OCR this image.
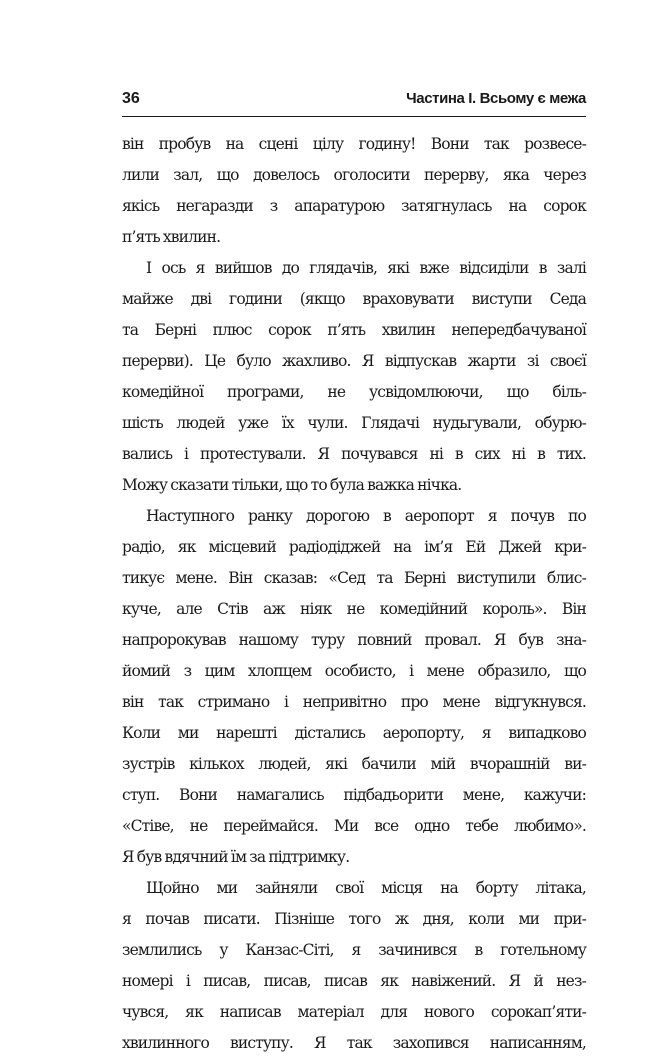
36	Частина I. Всьому є межа
він пробув на сцені цілу годину! Вони так розвесе-
лили зал, що довелось оголосити перерву, яка через
якісь негаразди з апаратурою затягнулась на сорок
п’ять хвилин.
І ось я вийшов до глядачів, які вже відсиділи в залі
майже дві години (якщо враховувати виступи Седа
та Берні плюс сорок п’ять хвилин непередбачуваної
перерви). Це було жахливо. Я відпускав жарти зі своєї
комедійної програми, не усвідомлюючи, що біль-
шість людей уже їх чули. Глядачі нудьгували, обурю-
вались і протестували. Я почувався ні в сих ні в тих.
Можу сказати тільки, що то була важка нічка.
Наступного ранку дорогою в аеропорт я почув по
радіо, як місцевий радіодіджей на ім’я Ей Джей кри-
тикує мене. Він сказав: «Сед та Берні виступили блис-
куче, але Стів аж ніяк не комедійний король». Він
напророкував нашому туру повний провал. Я був зна-
йомий з цим хлопцем особисто, і мене образило, що
він так стримано і непривітно про мене відгукнувся.
Коли ми нарешті дістались аеропорту, я випадково
зустрів кількох людей, які бачили мій вчорашній ви-
ступ. Вони намагались підбадьорити мене, кажучи:
«Стіве, не переймайся. Ми все одно тебе любимо».
Я був вдячний їм за підтримку.
Щойно ми зайняли свої місця на борту літака,
я почав писати. Пізніше того ж дня, коли ми при-
землились у Канзас-Сіті, я зачинився в готельному
номері і писав, писав, писав як навіжений. Я й нез-
чувся, як написав матеріал для нового сорокап’яти-
хвилинного виступу. Я так захопився написанням,
